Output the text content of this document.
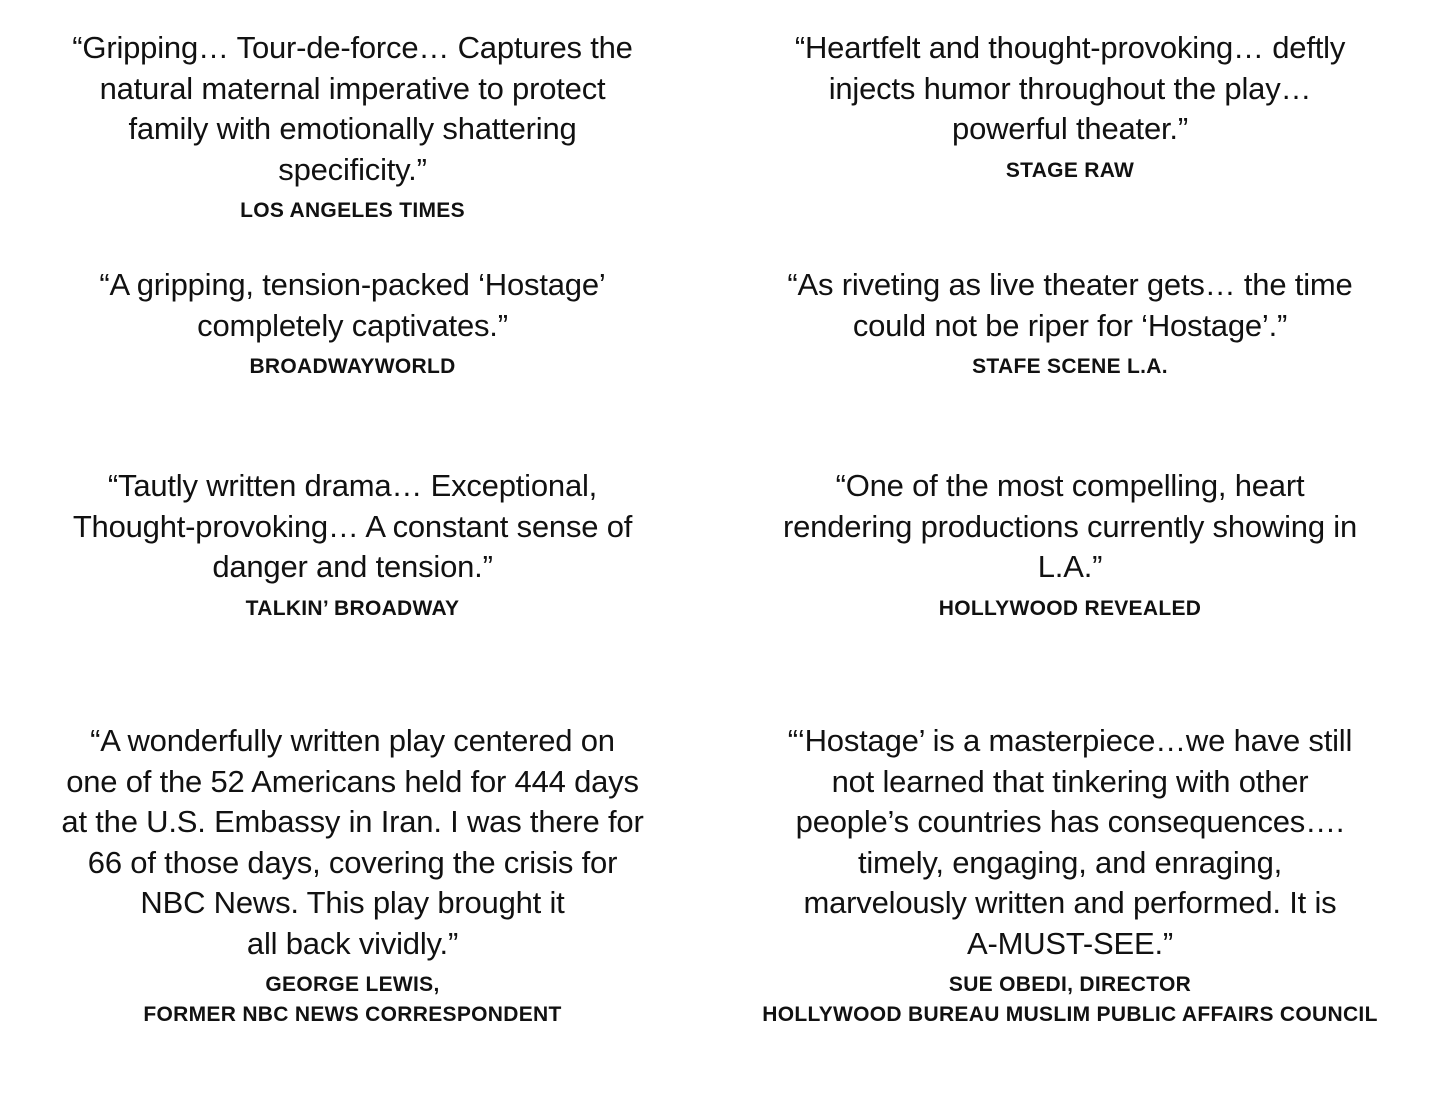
“Gripping… Tour-de-force… Captures the
natural maternal imperative to protect
family with emotionally shattering
specificity.”
LOS ANGELES TIMES
“Heartfelt and thought-provoking… deftly
injects humor throughout the play…
powerful theater.”
STAGE RAW
“A gripping, tension-packed ‘Hostage’
completely captivates.”
BROADWAYWORLD
“As riveting as live theater gets… the time
could not be riper for ‘Hostage’.”
STAFE SCENE L.A.
“Tautly written drama… Exceptional,
Thought-provoking… A constant sense of
danger and tension.”
TALKIN’ BROADWAY
“One of the most compelling, heart
rendering productions currently showing in
L.A.”
HOLLYWOOD REVEALED
“A wonderfully written play centered on
one of the 52 Americans held for 444 days
at the U.S. Embassy in Iran. I was there for
66 of those days, covering the crisis for
NBC News. This play brought it
all back vividly.”
GEORGE LEWIS,
FORMER NBC NEWS CORRESPONDENT
“‘Hostage’ is a masterpiece…we have still
not learned that tinkering with other
people’s countries has consequences….
timely, engaging, and enraging,
marvelously written and performed. It is
A-MUST-SEE.”
SUE OBEDI, DIRECTOR
HOLLYWOOD BUREAU MUSLIM PUBLIC AFFAIRS COUNCIL
